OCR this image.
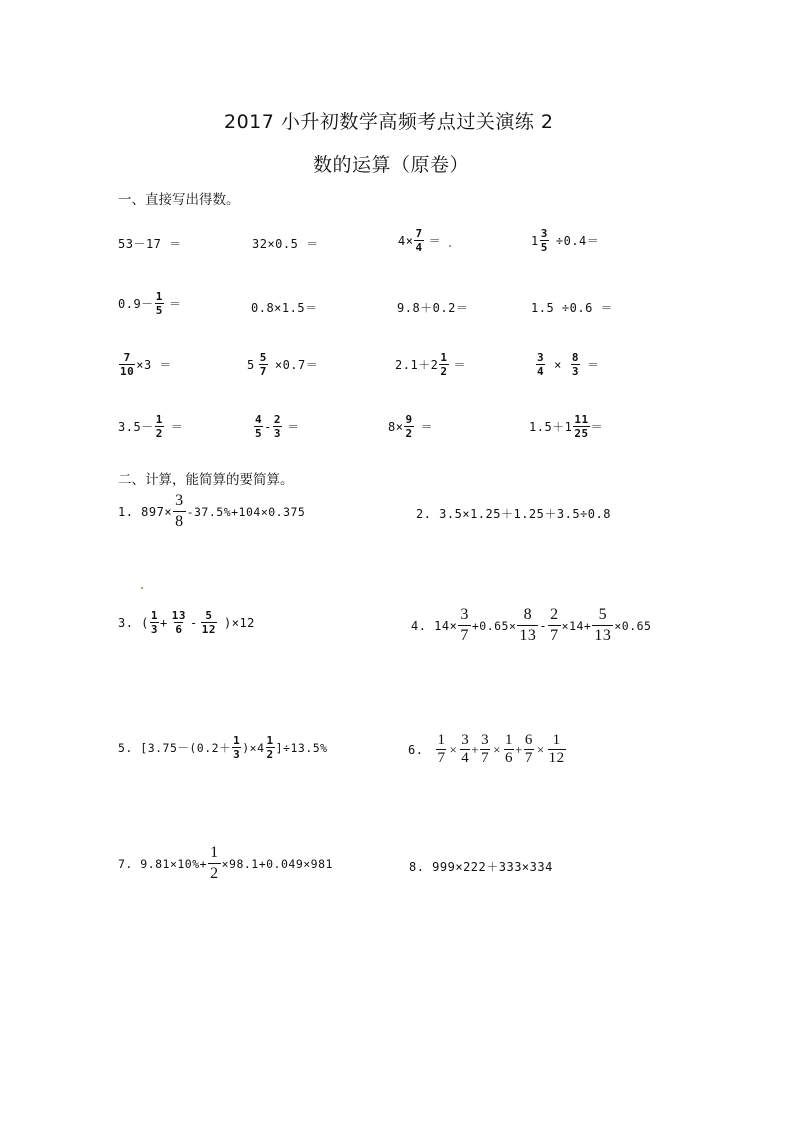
2017 小升初数学高频考点过关演练 2
数的运算（原卷）
一、直接写出得数。
53－17 ＝	32×0.5 ＝	$4\times \frac{7}{4}$ ＝	$1 \frac{3}{5} \div 0.4=$
$0.9- \frac{1}{5}$ ＝	0.8×1.5＝	9.8＋0.2＝	1.5 ÷0.6 ＝
$\frac{7}{10} \times 3$ ＝	$5 \frac{5}{7} \times 0.7=$	$2.1+2 \frac{1}{2}$ ＝	$\frac{3}{4} \times \frac{8}{3}$ ＝
$3.5- \frac{1}{2}$ ＝	$\frac{4}{5} - \frac{2}{3}$ ＝	$8\times \frac{9}{2}$ ＝	$1.5+1 \frac{11}{25}$ ＝
二、计算，能简算的要简算。
1. $897\times \frac{3}{8} -37.5\%+104\times 0.375$	2. 3.5×1.25＋1.25＋3.5÷0.8
3. ( $\frac{1}{3} + \frac{13}{6} - \frac{5}{12} )\times 12$	4. $14\times \frac{3}{7} +0.65\times \frac{8}{13} - \frac{2}{7} \times 14+ \frac{5}{13} \times 0.65$
5. $[3.75-(0.2+ \frac{1}{3} )\times 4 \frac{1}{2} ]\div 13.5\%$	6. $\frac{1}{7} \times \frac{3}{4} + \frac{3}{7} \times \frac{1}{6} + \frac{6}{7} \times \frac{1}{12}$
7. $9.81\times 10\%+ \frac{1}{2} \times 98.1+0.049\times 981$	8. 999×222＋333×334
